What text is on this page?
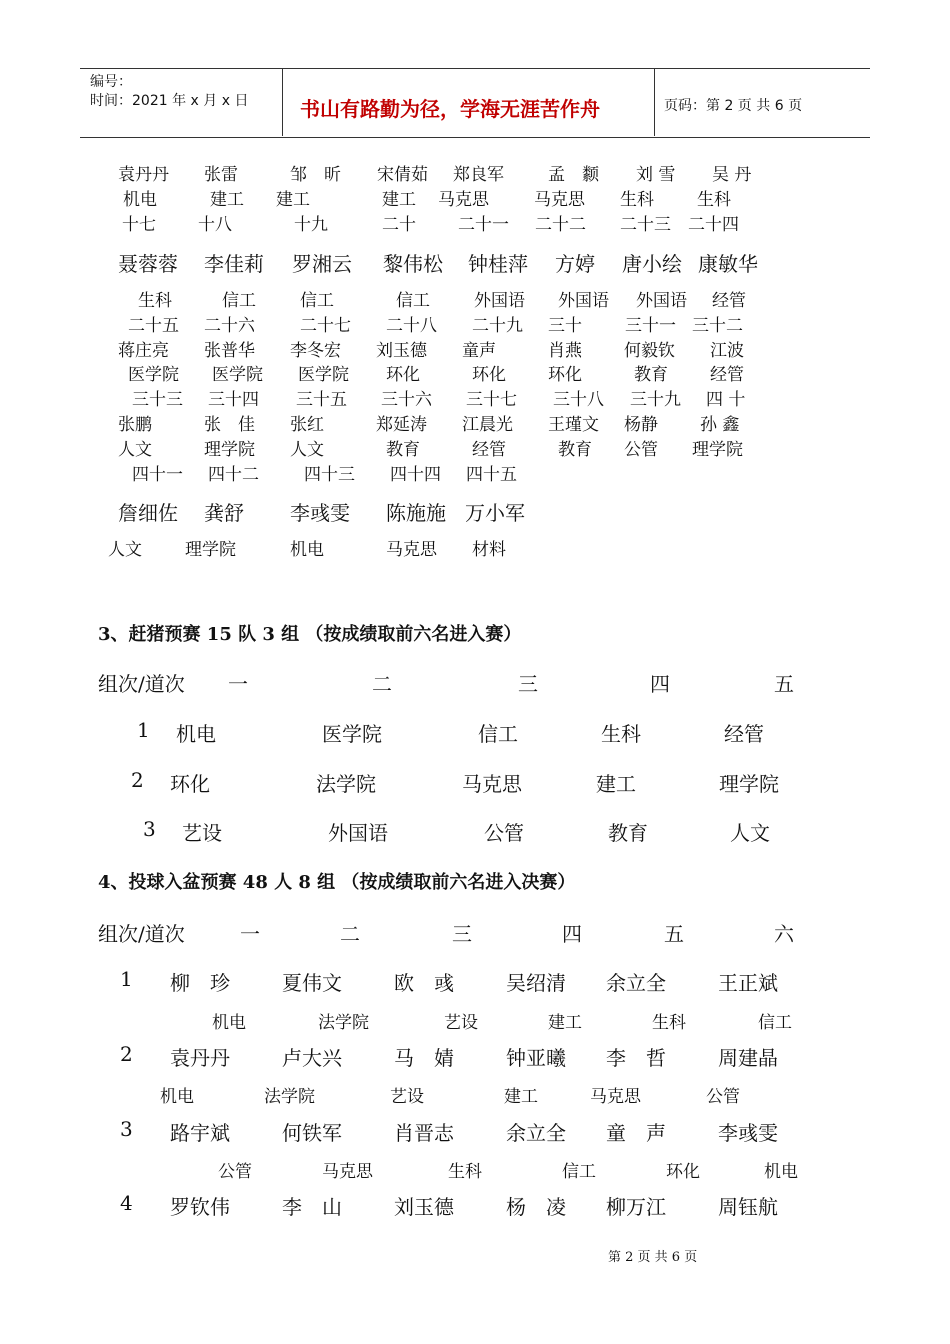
编号：
时间：2021 年 x 月 x 日	书山有路勤为径，学海无涯苦作舟	页码：第 2 页 共 6 页
袁丹丹 张雷	邹　昕 宋倩茹 郑良军	孟　颣 刘 雪 吴 丹
机电	建工 建工	建工 马克思	马克思 生科	生科
十七 十八	十九	二十 二十一 二十二 二十三 二十四
聂蓉蓉 李佳莉 罗湘云 黎伟松 钟桂萍 方婷 唐小绘 康敏华
生科	信工	信工	信工	外国语 外国语 外国语 经管
二十五 二十六	二十七 二十八 二十九 三十	三十一 三十二
蒋庄亮 张普华 李冬宏 刘玉德 童声	肖燕 何毅钦 江波
医学院 医学院 医学院 环化	环化 环化	教育 经管
三十三 三十四 三十五 三十六 三十七 三十八 三十九 四 十
张鹏	张　佳 张红	郑延涛 江晨光 王瑾文 杨静 孙 鑫
人文	理学院 人文	教育	经管	教育 公管 理学院
四十一 四十二	四十三 四十四 四十五
詹细佐 龚舒 李彧雯 陈施施 万小军
人文	理学院	机电	马克思 材料
3、赶猪预赛 15 队 3 组 （按成绩取前六名进入赛）
组次/道次 一	二	三	四	五
1 机电	医学院	信工	生科	经管
2 环化	法学院	马克思	建工	理学院
3 艺设	外国语	公管	教育	人文
4、投球入盆预赛 48 人 8 组 （按成绩取前六名进入决赛）
组次/道次	一	二	三	四	五	六
1 柳　珍	夏伟文	欧　彧	吴绍清 余立全	王正斌
机电	法学院	艺设	建工	生科	信工
2 袁丹丹	卢大兴	马　婧	钟亚曦 李　哲	周建晶
机电	法学院	艺设	建工	马克思	公管
3 路宇斌	何铁军	肖晋志	余立全 童　声	李彧雯
公管	马克思	生科	信工	环化	机电
4 罗钦伟	李　山	刘玉德	杨　凌 柳万江	周钰航
第 2 页 共 6 页
